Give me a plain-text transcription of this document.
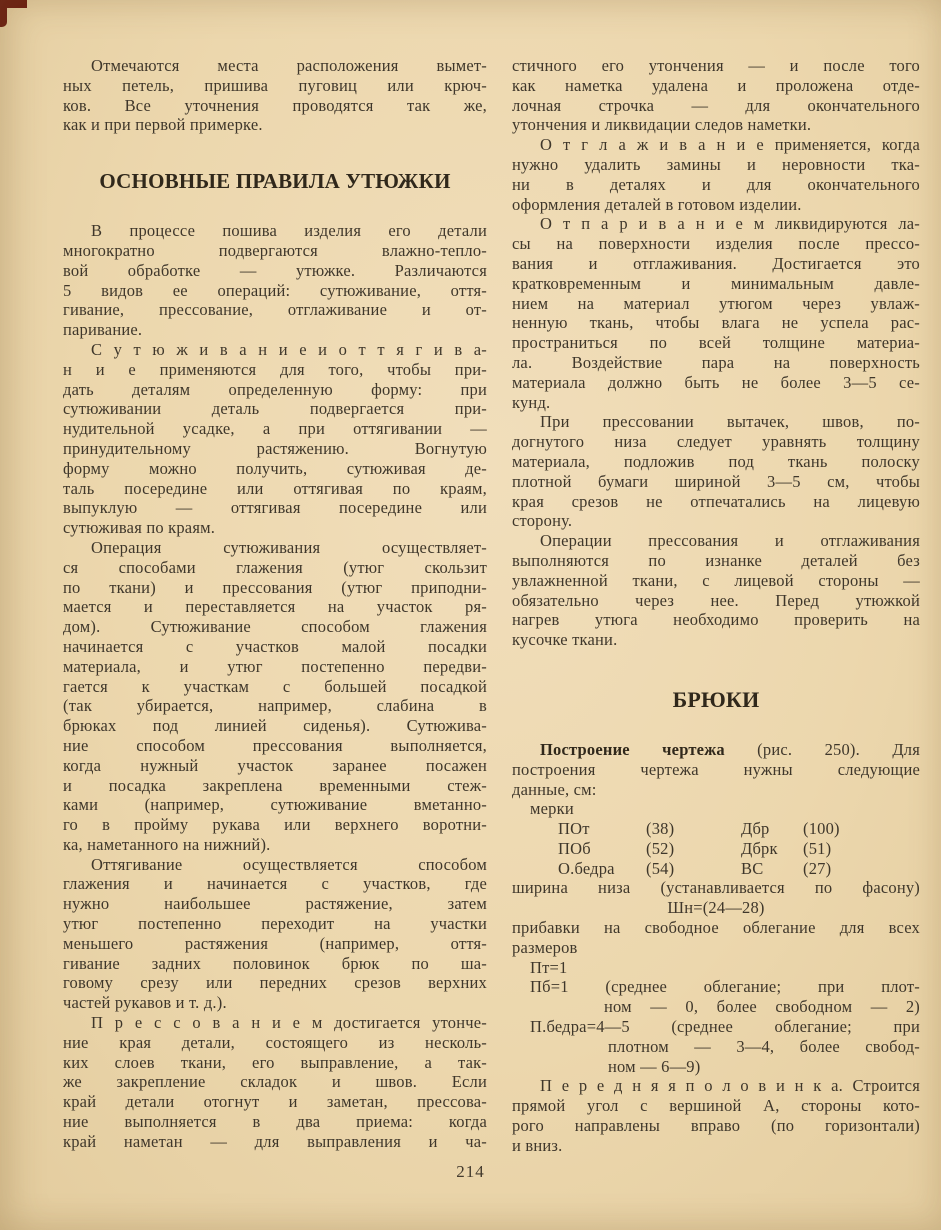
Отмечаются места расположения вымет-
ных петель, пришива пуговиц или крюч-
ков. Все уточнения проводятся так же,
как и при первой примерке.
ОСНОВНЫЕ ПРАВИЛА УТЮЖКИ
В процессе пошива изделия его детали
многократно подвергаются влажно-тепло-
вой обработке — утюжке. Различаются
5 видов ее операций: сутюживание, оття-
гивание, прессование, отглаживание и от-
паривание.
С у т ю ж и в а н и е и о т т я г и в а-
н и е применяются для того, чтобы при-
дать деталям определенную форму: при
сутюживании деталь подвергается при-
нудительной усадке, а при оттягивании —
принудительному растяжению. Вогнутую
форму можно получить, сутюживая де-
таль посередине или оттягивая по краям,
выпуклую — оттягивая посередине или
сутюживая по краям.
Операция сутюживания осуществляет-
ся способами глажения (утюг скользит
по ткани) и прессования (утюг приподни-
мается и переставляется на участок ря-
дом). Сутюживание способом глажения
начинается с участков малой посадки
материала, и утюг постепенно передви-
гается к участкам с большей посадкой
(так убирается, например, слабина в
брюках под линией сиденья). Сутюжива-
ние способом прессования выполняется,
когда нужный участок заранее посажен
и посадка закреплена временными стеж-
ками (например, сутюживание вметанно-
го в пройму рукава или верхнего воротни-
ка, наметанного на нижний).
Оттягивание осуществляется способом
глажения и начинается с участков, где
нужно наибольшее растяжение, затем
утюг постепенно переходит на участки
меньшего растяжения (например, оття-
гивание задних половинок брюк по ша-
говому срезу или передних срезов верхних
частей рукавов и т. д.).
П р е с с о в а н и е м достигается утонче-
ние края детали, состоящего из несколь-
ких слоев ткани, его выправление, а так-
же закрепление складок и швов. Если
край детали отогнут и заметан, прессова-
ние выполняется в два приема: когда
край наметан — для выправления и ча-
стичного его утончения — и после того
как наметка удалена и проложена отде-
лочная строчка — для окончательного
утончения и ликвидации следов наметки.
О т г л а ж и в а н и е применяется, когда
нужно удалить замины и неровности тка-
ни в деталях и для окончательного
оформления деталей в готовом изделии.
О т п а р и в а н и е м ликвидируются ла-
сы на поверхности изделия после прессо-
вания и отглаживания. Достигается это
кратковременным и минимальным давле-
нием на материал утюгом через увлаж-
ненную ткань, чтобы влага не успела рас-
пространиться по всей толщине материа-
ла. Воздействие пара на поверхность
материала должно быть не более 3—5 се-
кунд.
При прессовании вытачек, швов, по-
догнутого низа следует уравнять толщину
материала, подложив под ткань полоску
плотной бумаги шириной 3—5 см, чтобы
края срезов не отпечатались на лицевую
сторону.
Операции прессования и отглаживания
выполняются по изнанке деталей без
увлажненной ткани, с лицевой стороны —
обязательно через нее. Перед утюжкой
нагрев утюга необходимо проверить на
кусочке ткани.
БРЮКИ
Построение чертежа (рис. 250). Для
построения чертежа нужны следующие
данные, см:
мерки
ПОт	(38)	Дбр	(100)
ПОб	(52)	Дбрк	(51)
О.бедра	(54)	ВС	(27)
ширина низа (устанавливается по фасону)
Шн=(24—28)
прибавки на свободное облегание для всех
размеров
Пт=1
Пб=1 (среднее облегание; при плот-
ном — 0, более свободном — 2)
П.бедра=4—5 (среднее облегание; при
плотном — 3—4, более свобод-
ном — 6—9)
П е р е д н я я п о л о в и н к а. Строится
прямой угол с вершиной А, стороны кото-
рого направлены вправо (по горизонтали)
и вниз.
214
